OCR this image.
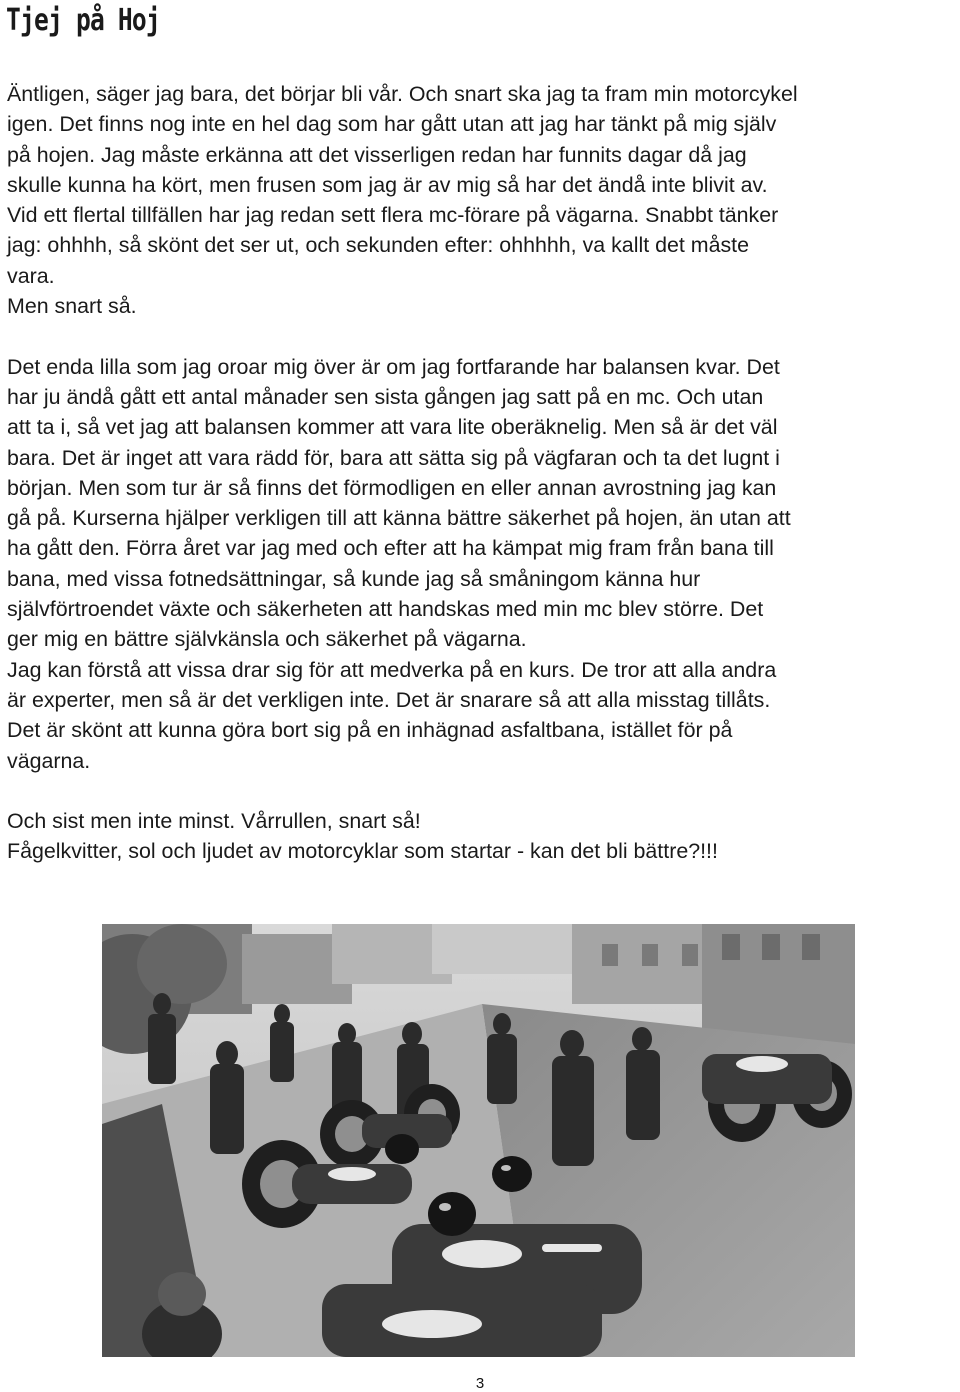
Tjej på Hoj

Äntligen, säger jag bara, det börjar bli vår. Och snart ska jag ta fram min motorcykel
igen. Det finns nog inte en hel dag som har gått utan att jag har tänkt på mig själv
på hojen. Jag måste erkänna att det visserligen redan har funnits dagar då jag
skulle kunna ha kört, men frusen som jag är av mig så har det ändå inte blivit av.
Vid ett flertal tillfällen har jag redan sett flera mc-förare på vägarna. Snabbt tänker
jag: ohhhh, så skönt det ser ut, och sekunden efter: ohhhhh, va kallt det måste
vara.
Men snart så.

Det enda lilla som jag oroar mig över är om jag fortfarande har balansen kvar. Det
har ju ändå gått ett antal månader sen sista gången jag satt på en mc. Och utan
att ta i, så vet jag att balansen kommer att vara lite oberäknelig. Men så är det väl
bara. Det är inget att vara rädd för, bara att sätta sig på vägfaran och ta det lugnt i
början. Men som tur är så finns det förmodligen en eller annan avrostning jag kan
gå på. Kurserna hjälper verkligen till att känna bättre säkerhet på hojen, än utan att
ha gått den. Förra året var jag med och efter att ha kämpat mig fram från bana till
bana, med vissa fotnedsättningar, så kunde jag så småningom känna hur
självförtroendet växte och säkerheten att handskas med min mc blev större. Det
ger mig en bättre självkänsla och säkerhet på vägarna.
Jag kan förstå att vissa drar sig för att medverka på en kurs. De tror att alla andra
är experter, men så är det verkligen inte. Det är snarare så att alla misstag tillåts.
Det är skönt att kunna göra bort sig på en inhägnad asfaltbana, istället för på
vägarna.

Och sist men inte minst. Vårrullen, snart så!
Fågelkvitter, sol och ljudet av motorcyklar som startar - kan det bli bättre?!!!

3
